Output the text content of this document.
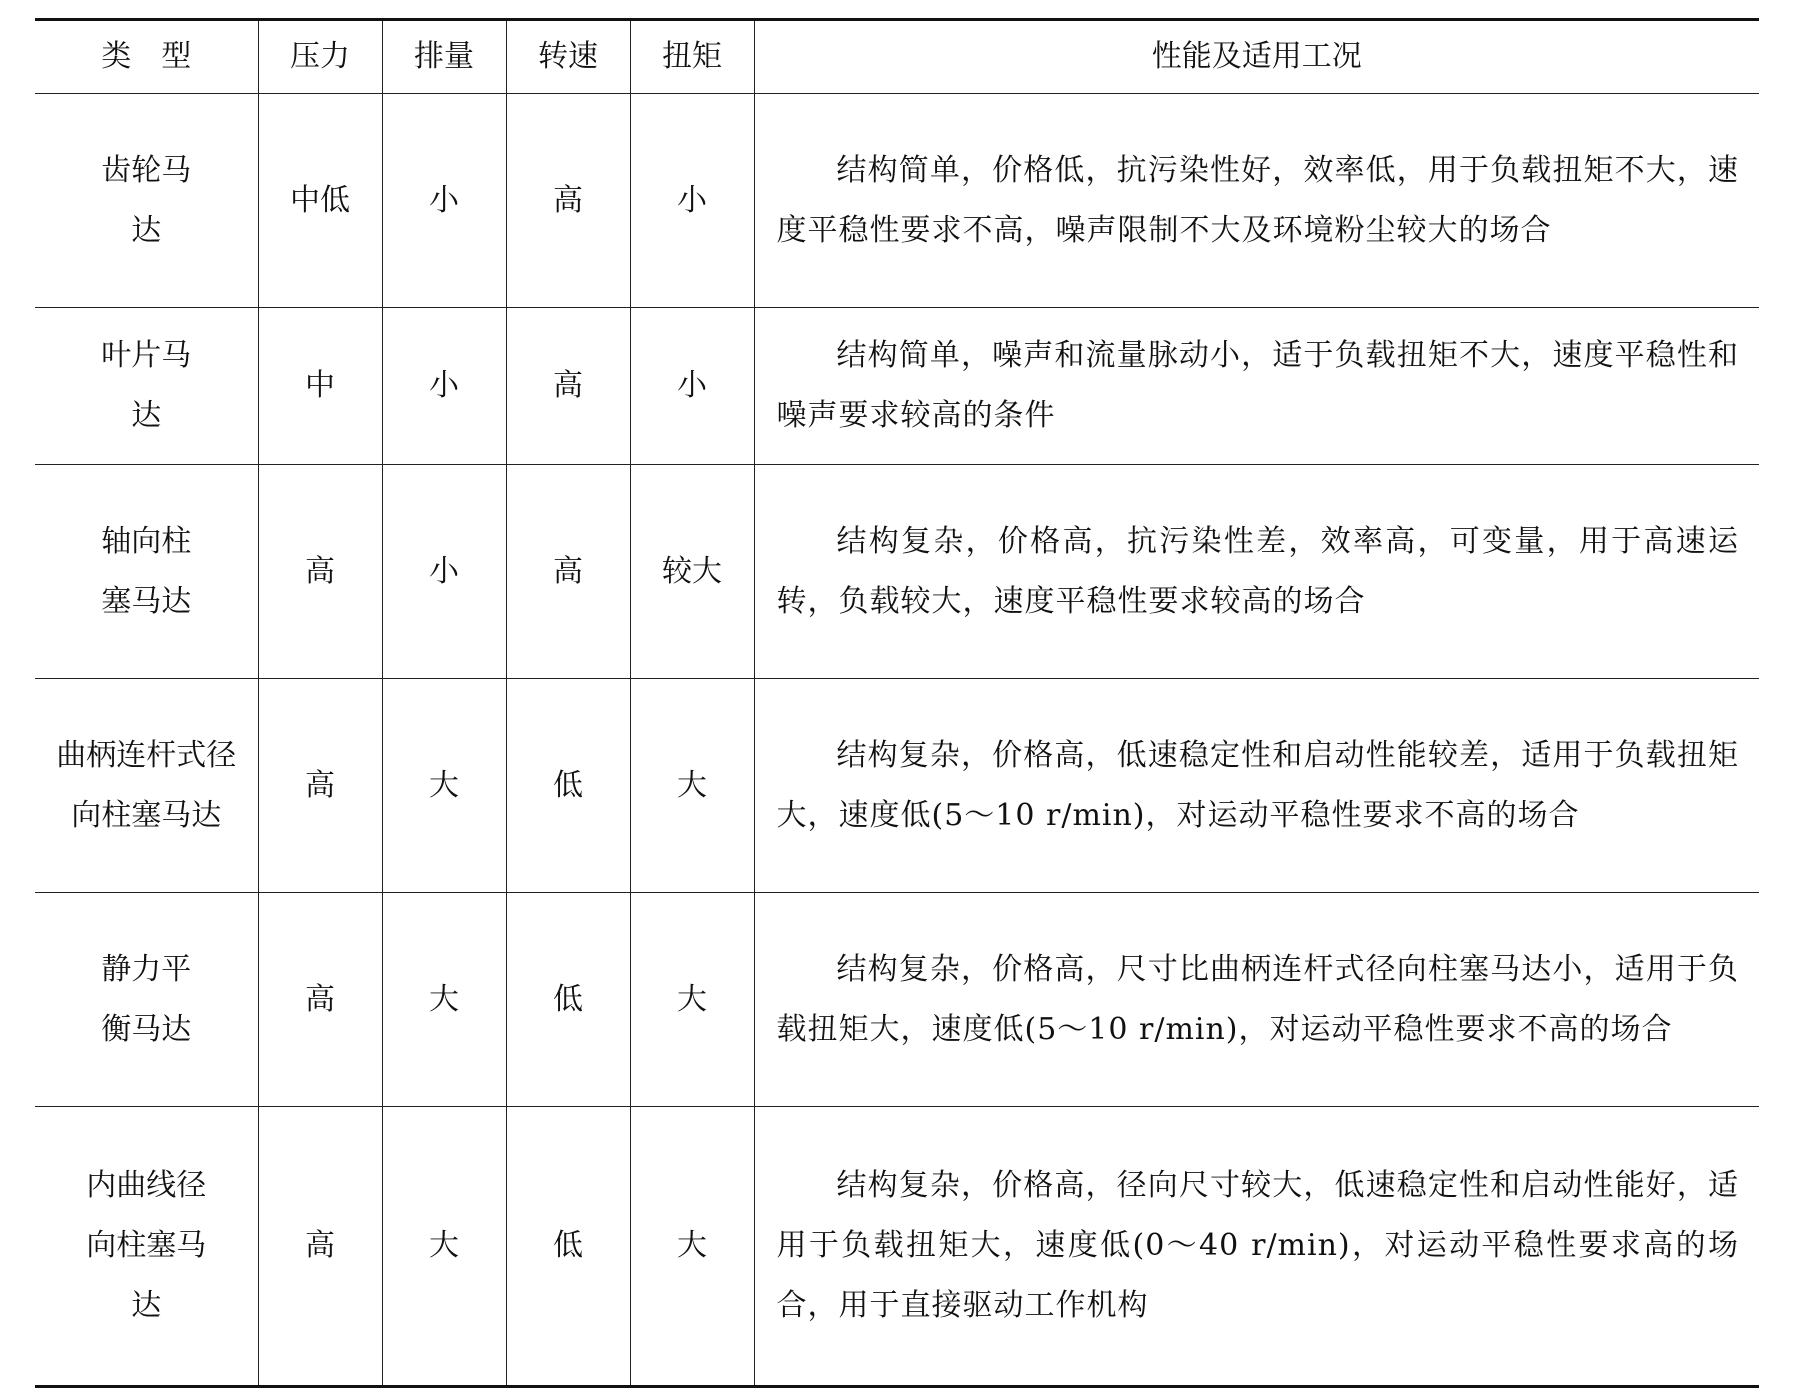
类　型	压力	排量	转速	扭矩	性能及适用工况
齿轮马达	中低	小	高	小	结构简单，价格低，抗污染性好，效率低，用于负载扭矩不大，速度平稳性要求不高，噪声限制不大及环境粉尘较大的场合

叶片马达	中	小	高	小	结构简单，噪声和流量脉动小，适于负载扭矩不大，速度平稳性和噪声要求较高的条件

轴向柱塞马达	高	小	高	较大	结构复杂，价格高，抗污染性差，效率高，可变量，用于高速运转，负载较大，速度平稳性要求较高的场合

曲柄连杆式径向柱塞马达	高	大	低	大	结构复杂，价格高，低速稳定性和启动性能较差，适用于负载扭矩大，速度低(5～10 r/min)，对运动平稳性要求不高的场合

静力平衡马达	高	大	低	大	结构复杂，价格高，尺寸比曲柄连杆式径向柱塞马达小，适用于负载扭矩大，速度低(5～10 r/min)，对运动平稳性要求不高的场合

内曲线径向柱塞马达	高	大	低	大	结构复杂，价格高，径向尺寸较大，低速稳定性和启动性能好，适用于负载扭矩大，速度低(0～40 r/min)，对运动平稳性要求高的场合，用于直接驱动工作机构
